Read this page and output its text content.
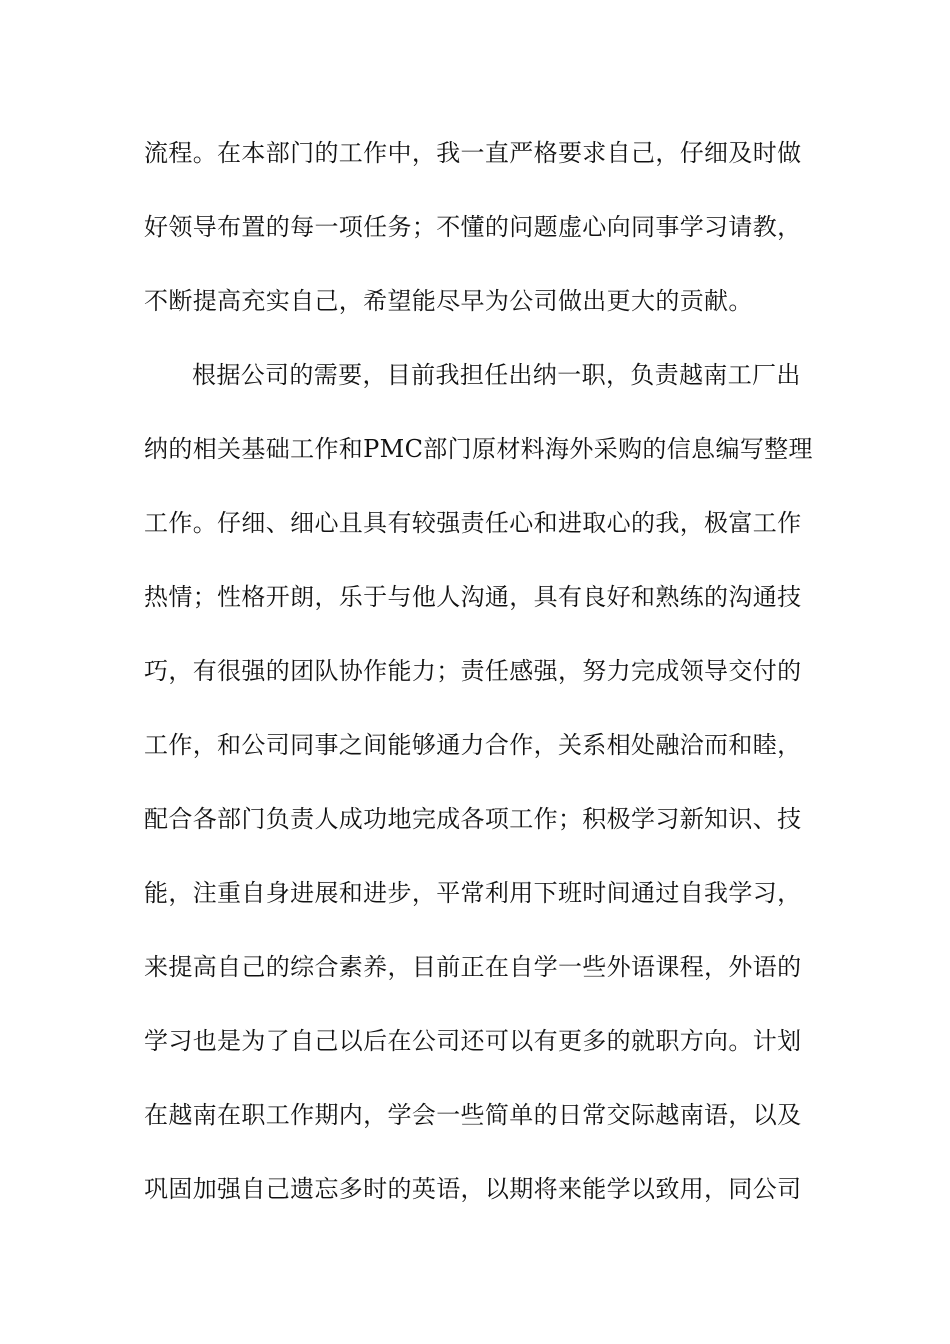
流程。在本部门的工作中，我一直严格要求自己，仔细及时做
好领导布置的每一项任务；不懂的问题虚心向同事学习请教，
不断提高充实自己，希望能尽早为公司做出更大的贡献。
根据公司的需要，目前我担任出纳一职，负责越南工厂出
纳的相关基础工作和PMC部门原材料海外采购的信息编写整理
工作。仔细、细心且具有较强责任心和进取心的我，极富工作
热情；性格开朗，乐于与他人沟通，具有良好和熟练的沟通技
巧，有很强的团队协作能力；责任感强，努力完成领导交付的
工作，和公司同事之间能够通力合作，关系相处融洽而和睦，
配合各部门负责人成功地完成各项工作；积极学习新知识、技
能，注重自身进展和进步，平常利用下班时间通过自我学习，
来提高自己的综合素养，目前正在自学一些外语课程，外语的
学习也是为了自己以后在公司还可以有更多的就职方向。计划
在越南在职工作期内，学会一些简单的日常交际越南语，以及
巩固加强自己遗忘多时的英语，以期将来能学以致用，同公司
